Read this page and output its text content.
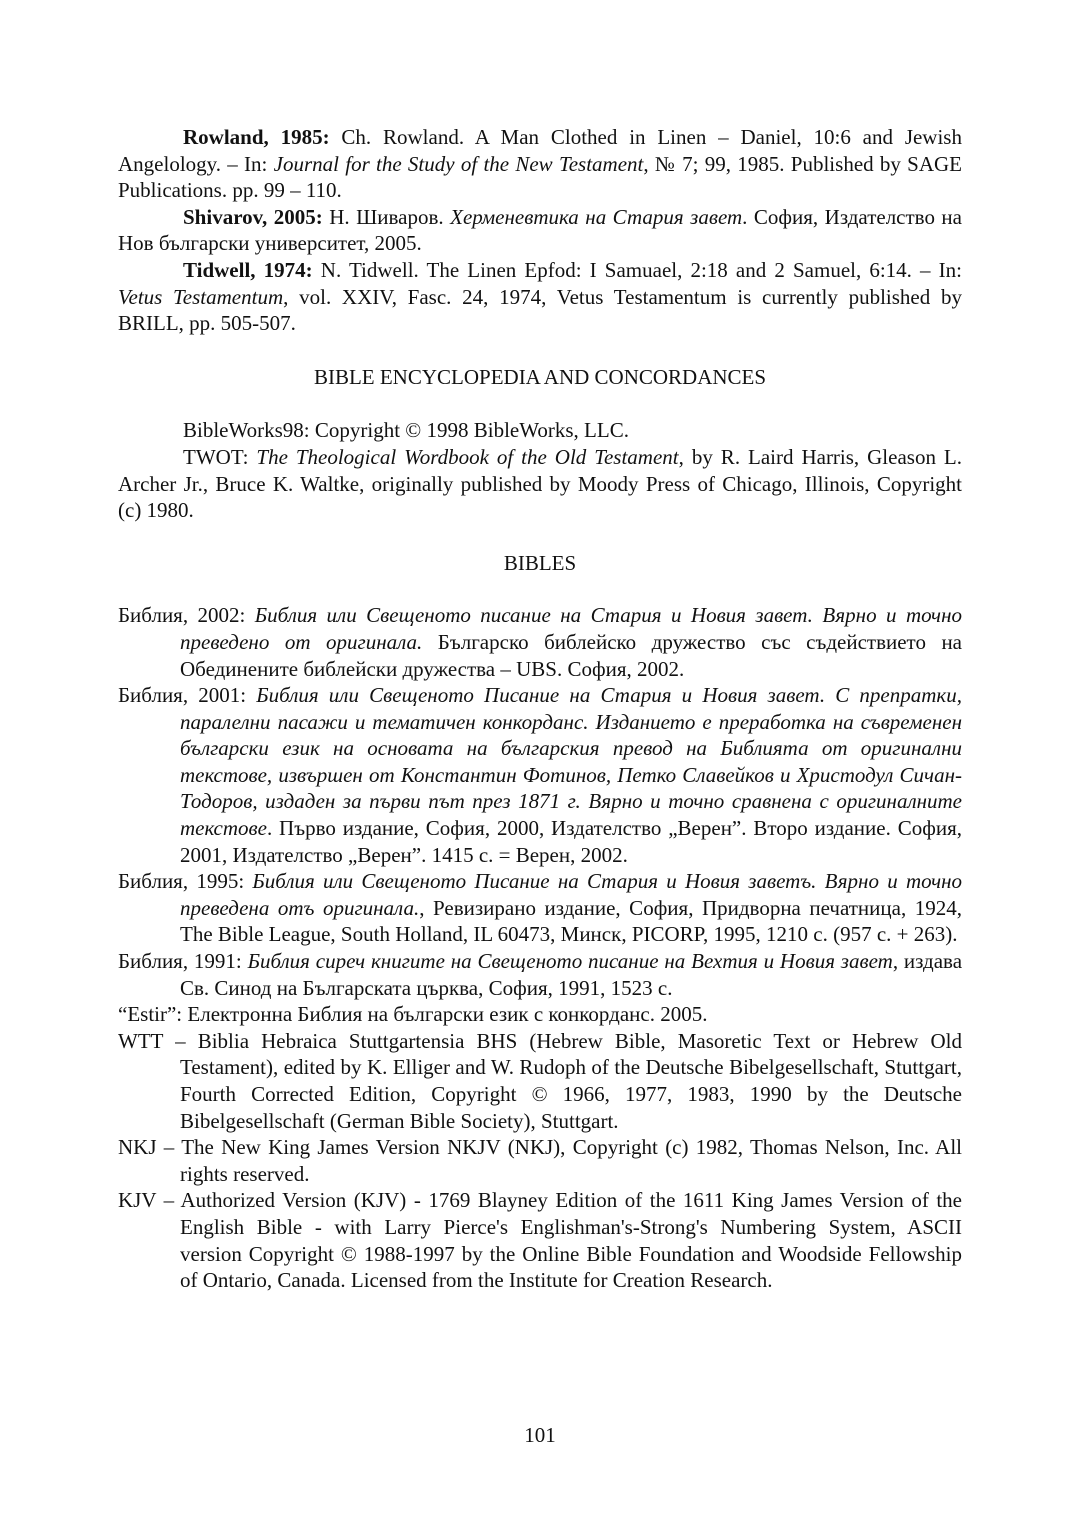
Rowland, 1985: Ch. Rowland. A Man Clothed in Linen – Daniel, 10:6 and Jewish Angelology. – In: Journal for the Study of the New Testament, № 7; 99, 1985. Published by SAGE Publications. pp. 99 – 110.

Shivarov, 2005: Н. Шиваров. Херменевтика на Стария завет. София, Издателство на Нов български университет, 2005.

Tidwell, 1974: N. Tidwell. The Linen Epfod: I Samuael, 2:18 and 2 Samuel, 6:14. – In: Vetus Testamentum, vol. XXIV, Fasc. 24, 1974, Vetus Testamentum is currently published by BRILL, pp. 505-507.

BIBLE ENCYCLOPEDIA AND CONCORDANCES

BibleWorks98: Copyright © 1998 BibleWorks, LLC.

TWOT: The Theological Wordbook of the Old Testament, by R. Laird Harris, Gleason L. Archer Jr., Bruce K. Waltke, originally published by Moody Press of Chicago, Illinois, Copyright (c) 1980.

BIBLES

Библия, 2002: Библия или Свещеното писание на Стария и Новия завет. Вярно и точно преведено от оригинала. Българско библейско дружество със съдействието на Обединените библейски дружества – UBS. София, 2002.

Библия, 2001: Библия или Свещеното Писание на Стария и Новия завет. С препратки, паралелни пасажи и тематичен конкорданс. Изданието е преработка на съвременен български език на основата на българския превод на Библията от оригинални текстове, извършен от Константин Фотинов, Петко Славейков и Христодул Сичан-Тодоров, издаден за първи път през 1871 г. Вярно и точно сравнена с оригиналните текстове. Първо издание, София, 2000, Издателство „Верен”. Второ издание. София, 2001, Издателство „Верен”. 1415 с. = Верен, 2002.

Библия, 1995: Библия или Свещеното Писание на Стария и Новия заветъ. Вярно и точно преведена отъ оригинала., Ревизирано издание, София, Придворна печатница, 1924, The Bible League, South Holland, IL 60473, Минск, PICORP, 1995, 1210 с. (957 с. + 263).

Библия, 1991: Библия сиреч книгите на Свещеното писание на Вехтия и Новия завет, издава Св. Синод на Българската църква, София, 1991, 1523 с.

“Estir”: Електронна Библия на български език с конкорданс. 2005.

WTT – Biblia Hebraica Stuttgartensia BHS (Hebrew Bible, Masoretic Text or Hebrew Old Testament), edited by K. Elliger and W. Rudoph of the Deutsche Bibelgesellschaft, Stuttgart, Fourth Corrected Edition, Copyright © 1966, 1977, 1983, 1990 by the Deutsche Bibelgesellschaft (German Bible Society), Stuttgart.

NKJ – The New King James Version NKJV (NKJ), Copyright (c) 1982, Thomas Nelson, Inc. All rights reserved.

KJV – Authorized Version (KJV) - 1769 Blayney Edition of the 1611 King James Version of the English Bible - with Larry Pierce's Englishman's-Strong's Numbering System, ASCII version Copyright © 1988-1997 by the Online Bible Foundation and Woodside Fellowship of Ontario, Canada. Licensed from the Institute for Creation Research.

101
